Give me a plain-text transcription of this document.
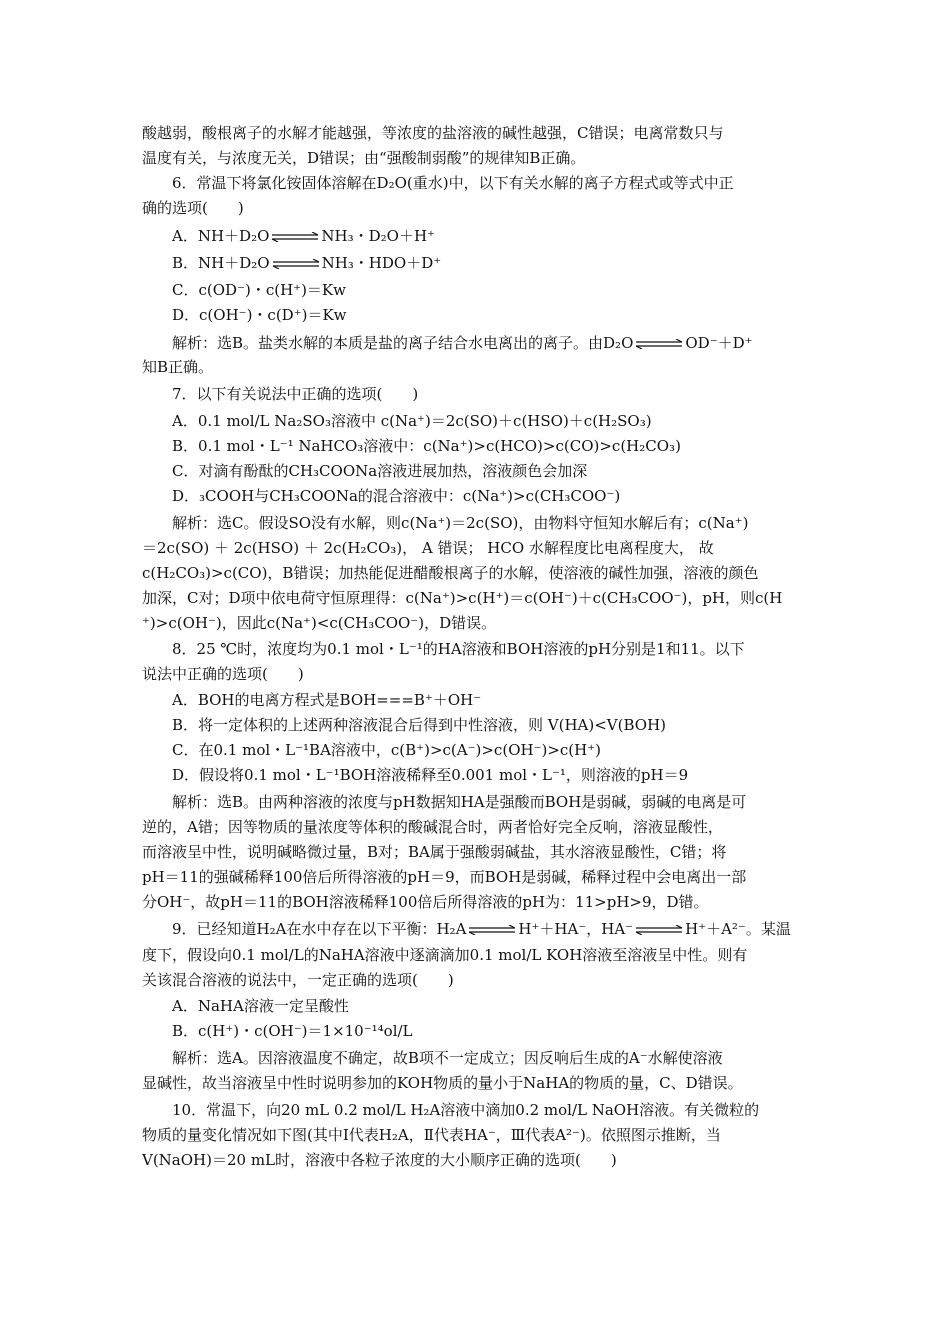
酸越弱，酸根离子的水解才能越强，等浓度的盐溶液的碱性越强，C错误；电离常数只与
温度有关，与浓度无关，D错误；由“强酸制弱酸”的规律知B正确。
6．常温下将氯化铵固体溶解在D₂O(重水)中，以下有关水解的离子方程式或等式中正
确的选项(　　)
A．NH＋D₂O⇌NH₃・D₂O＋H⁺
B．NH＋D₂O⇌NH₃・HDO＋D⁺
C．c(OD⁻)・c(H⁺)＝Kw
D．c(OH⁻)・c(D⁺)＝Kw
解析：选B。盐类水解的本质是盐的离子结合水电离出的离子。由D₂O⇌OD⁻＋D⁺
知B正确。
7．以下有关说法中正确的选项(　　)
A．0.1 mol/L Na₂SO₃溶液中 c(Na⁺)＝2c(SO)＋c(HSO)＋c(H₂SO₃)
B．0.1 mol・L⁻¹ NaHCO₃溶液中：c(Na⁺)>c(HCO)>c(CO)>c(H₂CO₃)
C．对滴有酚酞的CH₃COONa溶液进展加热，溶液颜色会加深
D．₃COOH与CH₃COONa的混合溶液中：c(Na⁺)>c(CH₃COO⁻)
解析：选C。假设SO没有水解，则c(Na⁺)＝2c(SO)，由物料守恒知水解后有；c(Na⁺)
＝2c(SO) ＋ 2c(HSO) ＋ 2c(H₂CO₃)， A 错误； HCO 水解程度比电离程度大， 故
c(H₂CO₃)>c(CO)，B错误；加热能促进醋酸根离子的水解，使溶液的碱性加强，溶液的颜色
加深，C对；D项中依电荷守恒原理得：c(Na⁺)>c(H⁺)＝c(OH⁻)＋c(CH₃COO⁻)，pH，则c(H
⁺)>c(OH⁻)，因此c(Na⁺)<c(CH₃COO⁻)，D错误。
8．25 ℃时，浓度均为0.1 mol・L⁻¹的HA溶液和BOH溶液的pH分别是1和11。以下
说法中正确的选项(　　)
A．BOH的电离方程式是BOH===B⁺＋OH⁻
B．将一定体积的上述两种溶液混合后得到中性溶液，则 V(HA)<V(BOH)
C．在0.1 mol・L⁻¹BA溶液中，c(B⁺)>c(A⁻)>c(OH⁻)>c(H⁺)
D．假设将0.1 mol・L⁻¹BOH溶液稀释至0.001 mol・L⁻¹，则溶液的pH＝9
解析：选B。由两种溶液的浓度与pH数据知HA是强酸而BOH是弱碱，弱碱的电离是可
逆的，A错；因等物质的量浓度等体积的酸碱混合时，两者恰好完全反响，溶液显酸性，
而溶液呈中性，说明碱略微过量，B对；BA属于强酸弱碱盐，其水溶液显酸性，C错；将
pH＝11的强碱稀释100倍后所得溶液的pH＝9，而BOH是弱碱，稀释过程中会电离出一部
分OH⁻，故pH＝11的BOH溶液稀释100倍后所得溶液的pH为：11>pH>9，D错。
9．已经知道H₂A在水中存在以下平衡：H₂A⇌H⁺＋HA⁻，HA⁻⇌H⁺＋A²⁻。某温
度下，假设向0.1 mol/L的NaHA溶液中逐滴滴加0.1 mol/L KOH溶液至溶液呈中性。则有
关该混合溶液的说法中，一定正确的选项(　　)
A．NaHA溶液一定呈酸性
B．c(H⁺)・c(OH⁻)＝1×10⁻¹⁴ol/L
解析：选A。因溶液温度不确定，故B项不一定成立；因反响后生成的A⁻水解使溶液
显碱性，故当溶液呈中性时说明参加的KOH物质的量小于NaHA的物质的量，C、D错误。
10．常温下，向20 mL 0.2 mol/L H₂A溶液中滴加0.2 mol/L NaOH溶液。有关微粒的
物质的量变化情况如下图(其中Ⅰ代表H₂A，Ⅱ代表HA⁻，Ⅲ代表A²⁻)。依照图示推断，当
V(NaOH)＝20 mL时，溶液中各粒子浓度的大小顺序正确的选项(　　)
